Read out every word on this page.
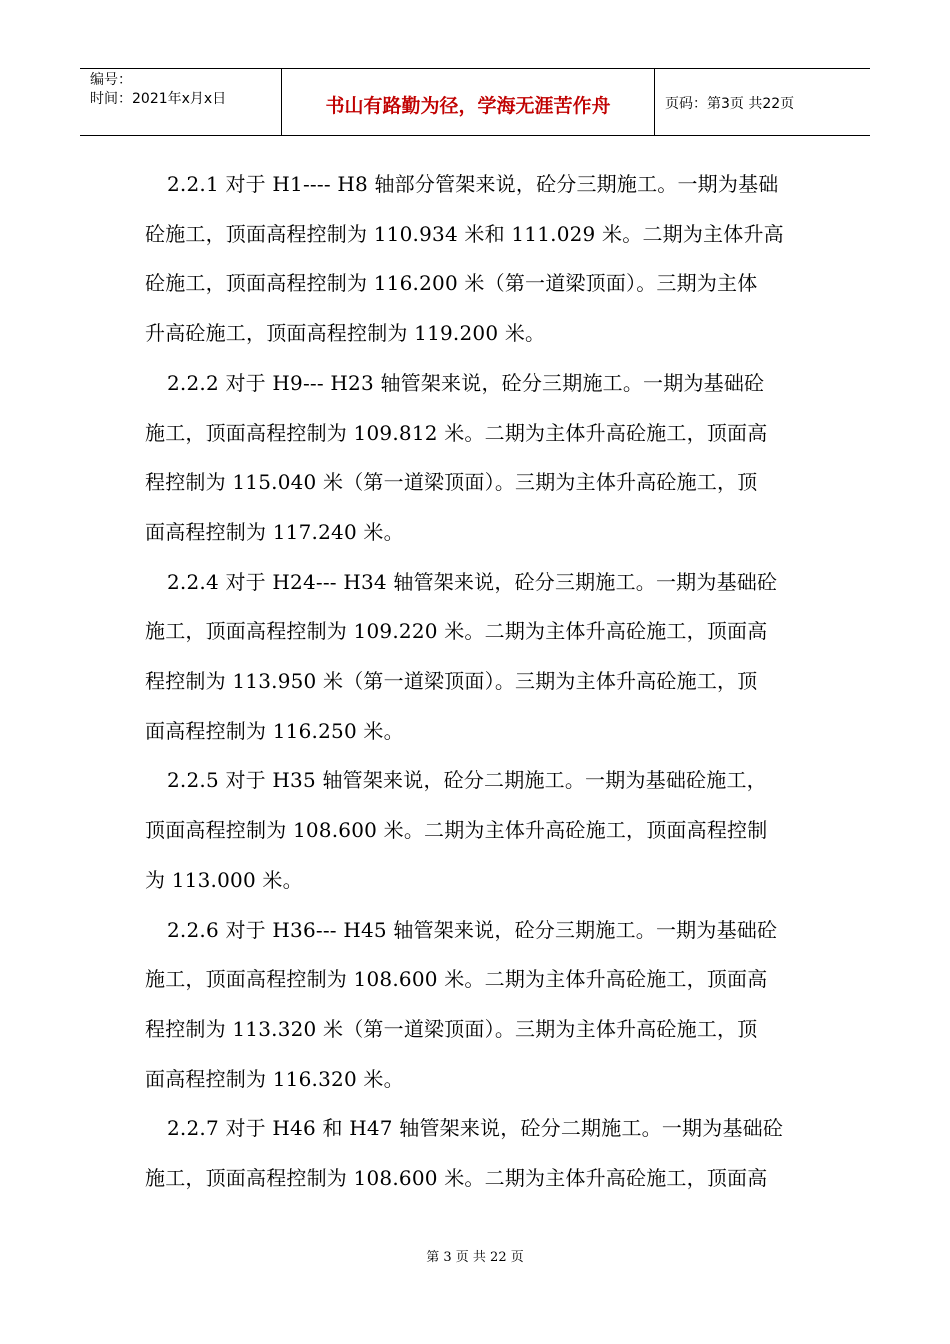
编号：
时间：2021年x月x日	书山有路勤为径，学海无涯苦作舟	页码：第3页 共22页
2.2.1 对于 H1---- H8 轴部分管架来说，砼分三期施工。一期为基础
砼施工，顶面高程控制为 110.934 米和 111.029 米。二期为主体升高
砼施工，顶面高程控制为 116.200 米（第一道梁顶面）。三期为主体
升高砼施工，顶面高程控制为 119.200 米。
2.2.2 对于 H9--- H23 轴管架来说，砼分三期施工。一期为基础砼
施工，顶面高程控制为 109.812 米。二期为主体升高砼施工，顶面高
程控制为 115.040 米（第一道梁顶面）。三期为主体升高砼施工，顶
面高程控制为 117.240 米。
2.2.4 对于 H24--- H34 轴管架来说，砼分三期施工。一期为基础砼
施工，顶面高程控制为 109.220 米。二期为主体升高砼施工，顶面高
程控制为 113.950 米（第一道梁顶面）。三期为主体升高砼施工，顶
面高程控制为 116.250 米。
2.2.5 对于 H35 轴管架来说，砼分二期施工。一期为基础砼施工，
顶面高程控制为 108.600 米。二期为主体升高砼施工，顶面高程控制
为 113.000 米。
2.2.6 对于 H36--- H45 轴管架来说，砼分三期施工。一期为基础砼
施工，顶面高程控制为 108.600 米。二期为主体升高砼施工，顶面高
程控制为 113.320 米（第一道梁顶面）。三期为主体升高砼施工，顶
面高程控制为 116.320 米。
2.2.7 对于 H46 和 H47 轴管架来说，砼分二期施工。一期为基础砼
施工，顶面高程控制为 108.600 米。二期为主体升高砼施工，顶面高
第 3 页 共 22 页
